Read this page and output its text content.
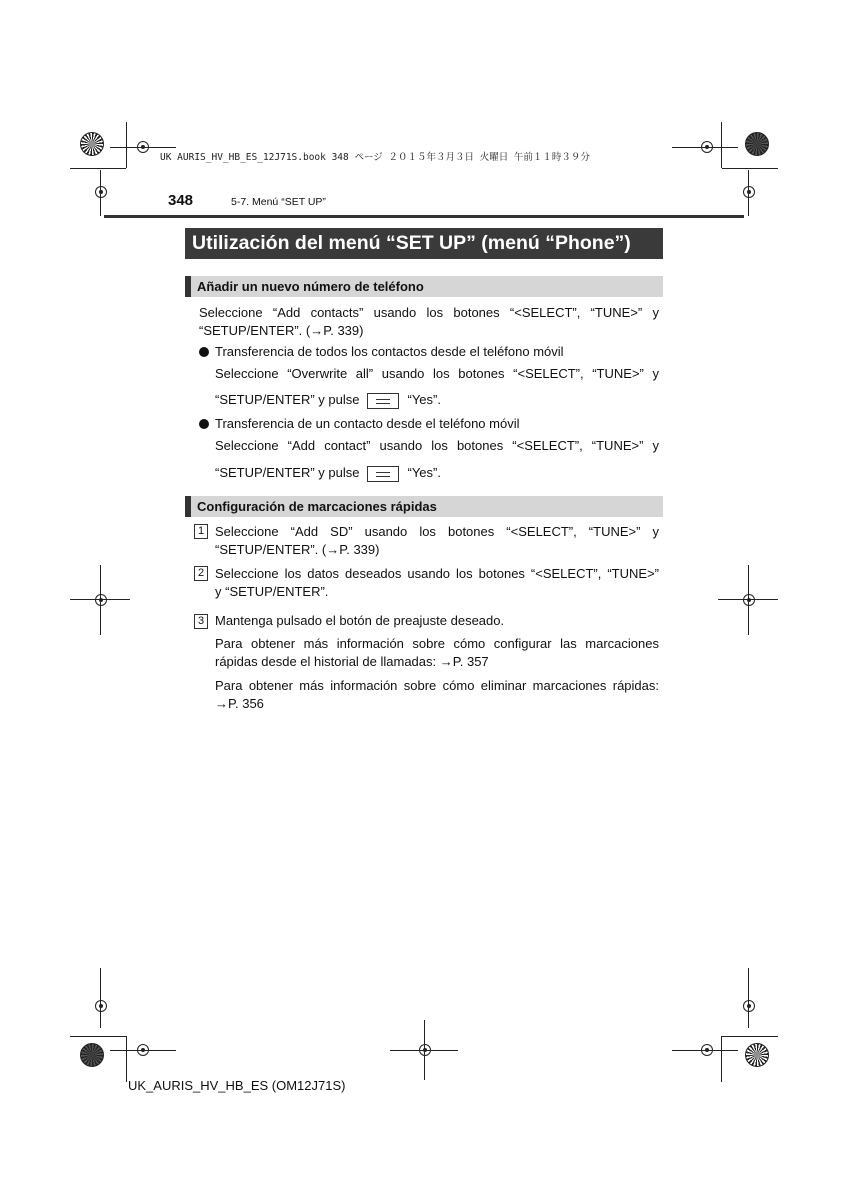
UK AURIS_HV_HB_ES_12J71S.book 348 ページ ２０１５年３月３日 火曜日 午前１１時３９分
348	5-7. Menú “SET UP”
Utilización del menú “SET UP” (menú “Phone”)
Añadir un nuevo número de teléfono
Seleccione “Add contacts” usando los botones “<SELECT”, “TUNE>” y
“SETUP/ENTER”. (→P. 339)
Transferencia de todos los contactos desde el teléfono móvil
Seleccione “Overwrite all” usando los botones “<SELECT”, “TUNE>” y
“SETUP/ENTER” y pulse	“Yes”.
Transferencia de un contacto desde el teléfono móvil
Seleccione “Add contact” usando los botones “<SELECT”, “TUNE>” y
“SETUP/ENTER” y pulse	“Yes”.
Configuración de marcaciones rápidas
1 Seleccione “Add SD” usando los botones “<SELECT”, “TUNE>” y
“SETUP/ENTER”. (→P. 339)
2 Seleccione los datos deseados usando los botones “<SELECT”, “TUNE>”
y “SETUP/ENTER”.
3 Mantenga pulsado el botón de preajuste deseado.
Para obtener más información sobre cómo configurar las marcaciones
rápidas desde el historial de llamadas: →P. 357
Para obtener más información sobre cómo eliminar marcaciones rápidas:
→P. 356
UK_AURIS_HV_HB_ES (OM12J71S)
